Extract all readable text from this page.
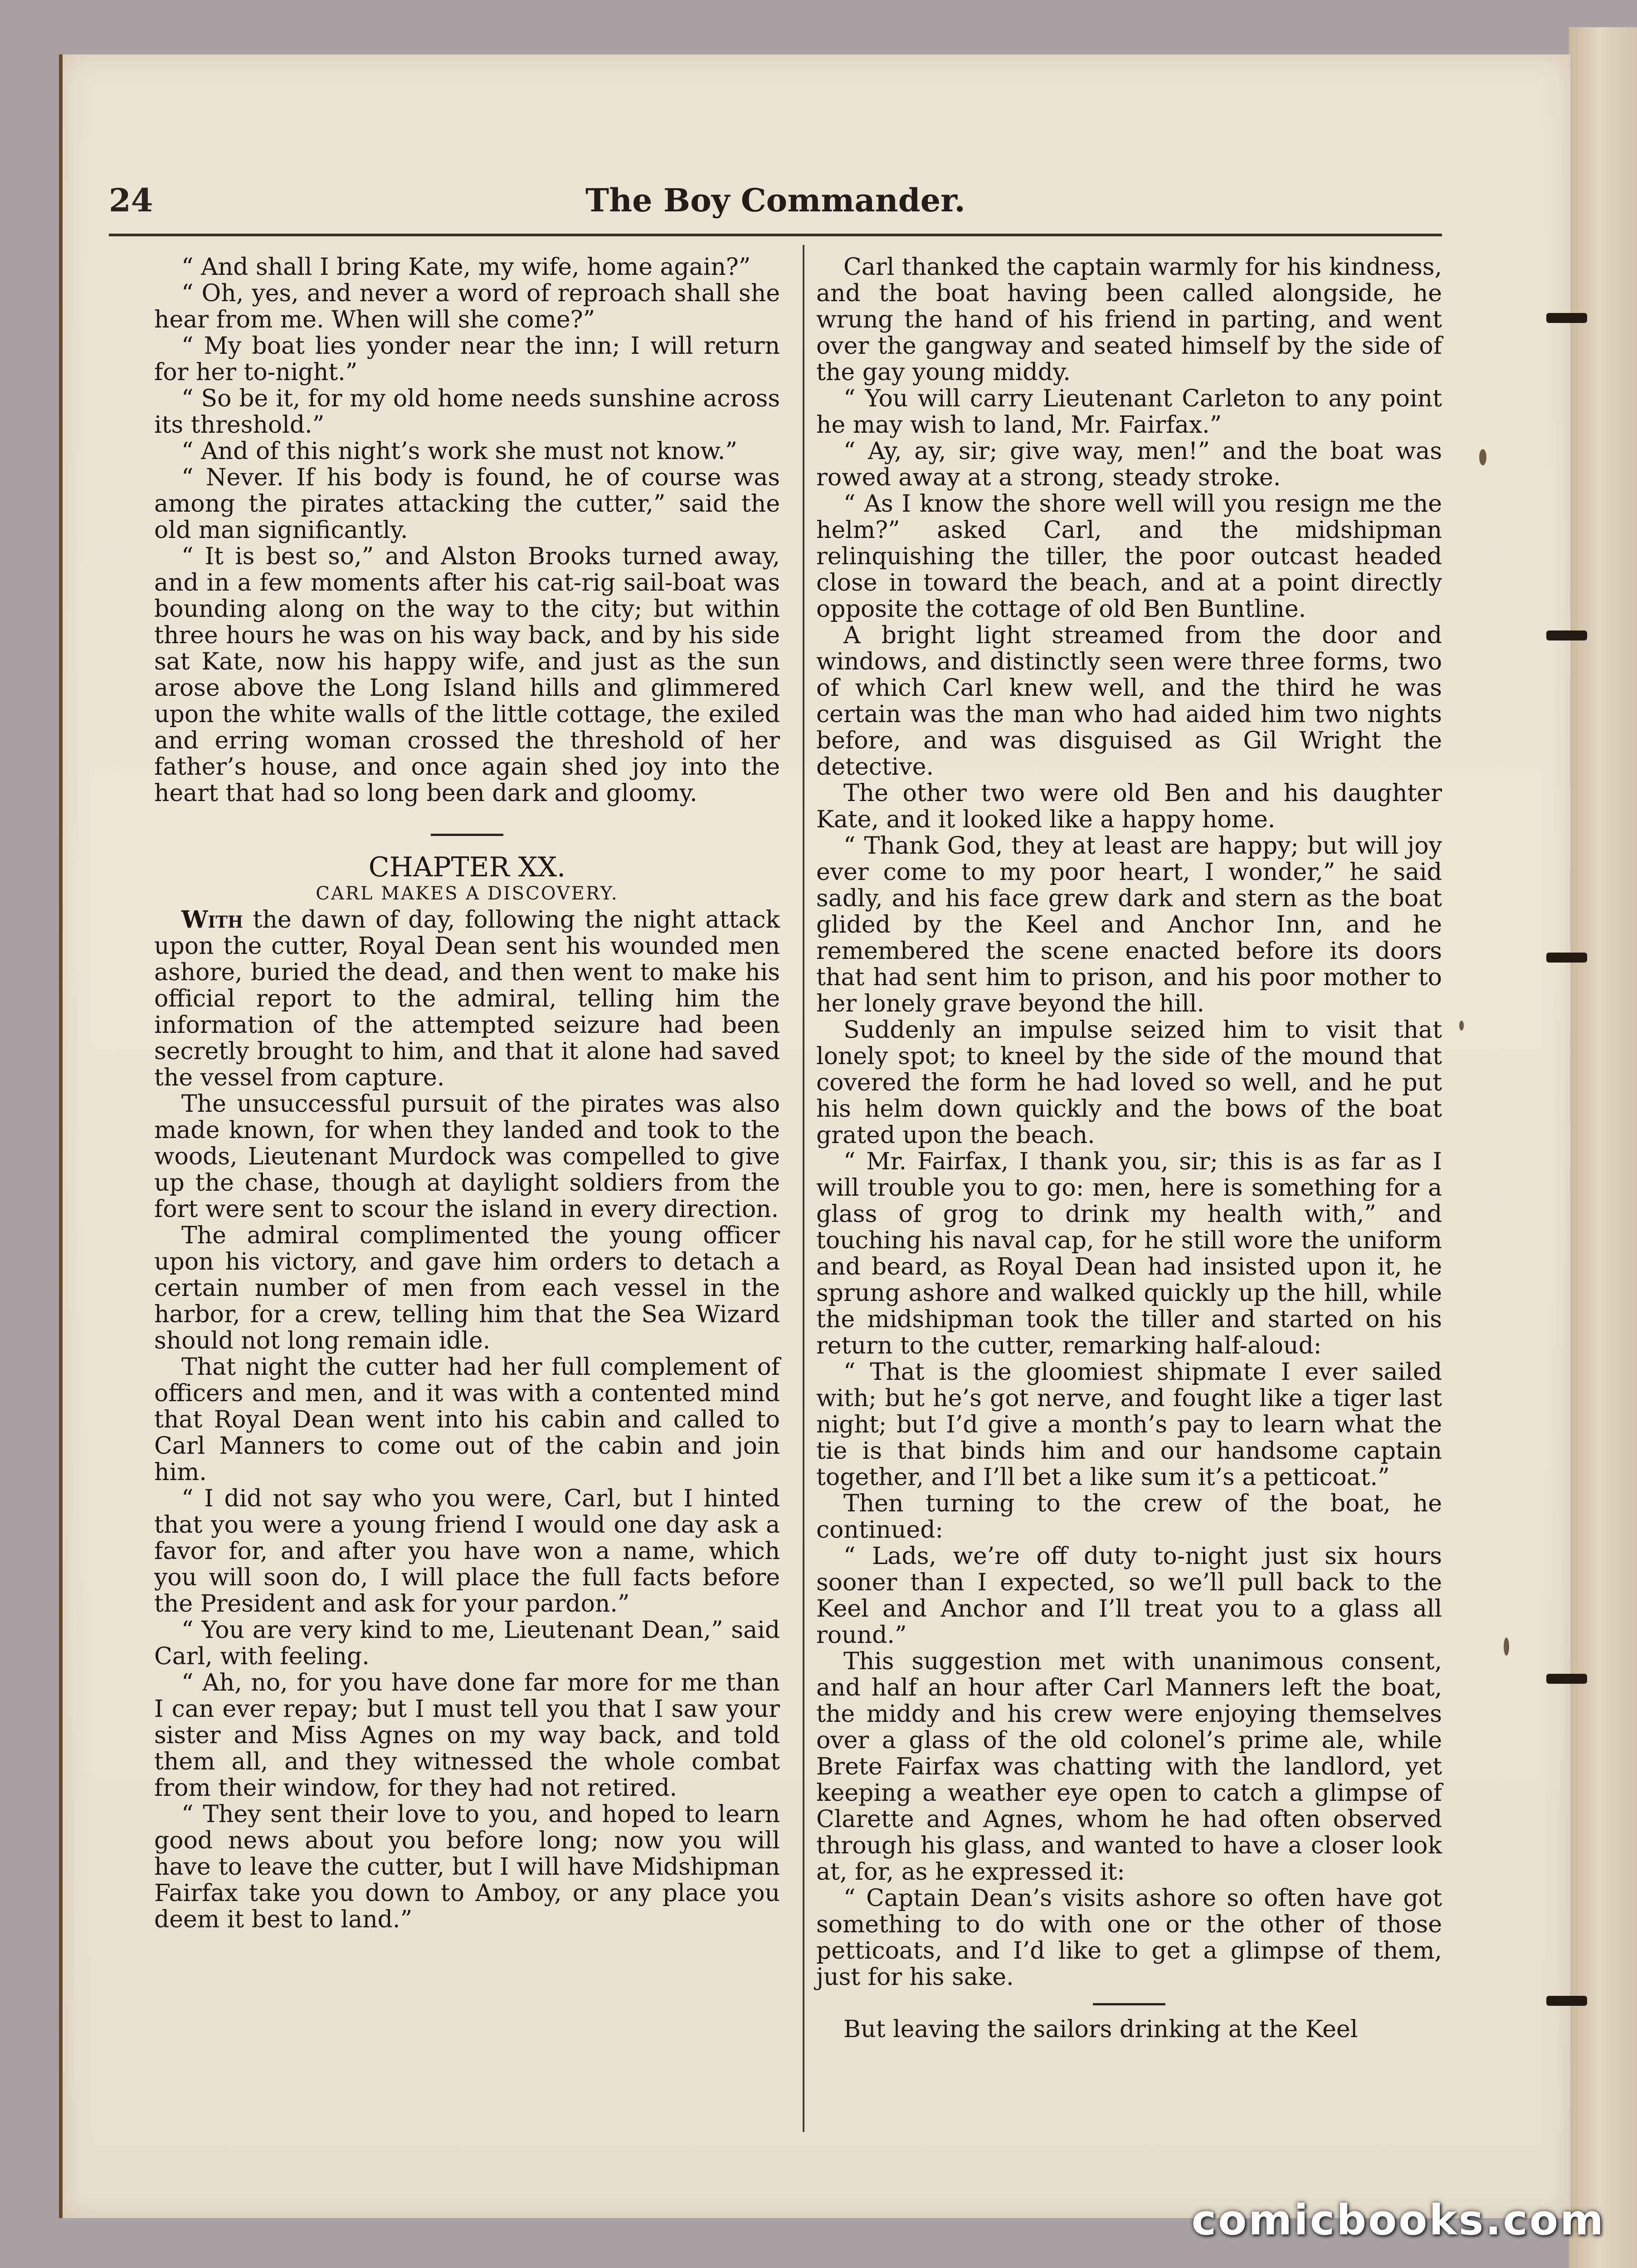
24	The Boy Commander.

“ And shall I bring Kate, my wife, home again?”

“ Oh, yes, and never a word of reproach shall she hear from me. When will she come?”

“ My boat lies yonder near the inn; I will return for her to-night.”

“ So be it, for my old home needs sunshine across its threshold.”

“ And of this night’s work she must not know.”

“ Never. If his body is found, he of course was among the pirates attacking the cutter,” said the old man significantly.

“ It is best so,” and Alston Brooks turned away, and in a few moments after his cat-rig sail-boat was bounding along on the way to the city; but within three hours he was on his way back, and by his side sat Kate, now his happy wife, and just as the sun arose above the Long Island hills and glimmered upon the white walls of the little cottage, the exiled and erring woman crossed the threshold of her father’s house, and once again shed joy into the heart that had so long been dark and gloomy.

CHAPTER XX.

CARL MAKES A DISCOVERY.

With the dawn of day, following the night attack upon the cutter, Royal Dean sent his wounded men ashore, buried the dead, and then went to make his official report to the admiral, telling him the information of the attempted seizure had been secretly brought to him, and that it alone had saved the vessel from capture.

The unsuccessful pursuit of the pirates was also made known, for when they landed and took to the woods, Lieutenant Murdock was compelled to give up the chase, though at daylight soldiers from the fort were sent to scour the island in every direction.

The admiral complimented the young officer upon his victory, and gave him orders to detach a certain number of men from each vessel in the harbor, for a crew, telling him that the Sea Wizard should not long remain idle.

That night the cutter had her full complement of officers and men, and it was with a contented mind that Royal Dean went into his cabin and called to Carl Manners to come out of the cabin and join him.

“ I did not say who you were, Carl, but I hinted that you were a young friend I would one day ask a favor for, and after you have won a name, which you will soon do, I will place the full facts before the President and ask for your pardon.”

“ You are very kind to me, Lieutenant Dean,” said Carl, with feeling.

“ Ah, no, for you have done far more for me than I can ever repay; but I must tell you that I saw your sister and Miss Agnes on my way back, and told them all, and they witnessed the whole combat from their window, for they had not retired.

“ They sent their love to you, and hoped to learn good news about you before long; now you will have to leave the cutter, but I will have Midshipman Fairfax take you down to Amboy, or any place you deem it best to land.”

Carl thanked the captain warmly for his kindness, and the boat having been called alongside, he wrung the hand of his friend in parting, and went over the gangway and seated himself by the side of the gay young middy.

“ You will carry Lieutenant Carleton to any point he may wish to land, Mr. Fairfax.”

“ Ay, ay, sir; give way, men!” and the boat was rowed away at a strong, steady stroke.

“ As I know the shore well will you resign me the helm?” asked Carl, and the midshipman relinquishing the tiller, the poor outcast headed close in toward the beach, and at a point directly opposite the cottage of old Ben Buntline.

A bright light streamed from the door and windows, and distinctly seen were three forms, two of which Carl knew well, and the third he was certain was the man who had aided him two nights before, and was disguised as Gil Wright the detective.

The other two were old Ben and his daughter Kate, and it looked like a happy home.

“ Thank God, they at least are happy; but will joy ever come to my poor heart, I wonder,” he said sadly, and his face grew dark and stern as the boat glided by the Keel and Anchor Inn, and he remembered the scene enacted before its doors that had sent him to prison, and his poor mother to her lonely grave beyond the hill.

Suddenly an impulse seized him to visit that lonely spot; to kneel by the side of the mound that covered the form he had loved so well, and he put his helm down quickly and the bows of the boat grated upon the beach.

“ Mr. Fairfax, I thank you, sir; this is as far as I will trouble you to go: men, here is something for a glass of grog to drink my health with,” and touching his naval cap, for he still wore the uniform and beard, as Royal Dean had insisted upon it, he sprung ashore and walked quickly up the hill, while the midshipman took the tiller and started on his return to the cutter, remarking half-aloud:

“ That is the gloomiest shipmate I ever sailed with; but he’s got nerve, and fought like a tiger last night; but I’d give a month’s pay to learn what the tie is that binds him and our handsome captain together, and I’ll bet a like sum it’s a petticoat.”

Then turning to the crew of the boat, he continued:

“ Lads, we’re off duty to-night just six hours sooner than I expected, so we’ll pull back to the Keel and Anchor and I’ll treat you to a glass all round.”

This suggestion met with unanimous consent, and half an hour after Carl Manners left the boat, the middy and his crew were enjoying themselves over a glass of the old colonel’s prime ale, while Brete Fairfax was chatting with the landlord, yet keeping a weather eye open to catch a glimpse of Clarette and Agnes, whom he had often observed through his glass, and wanted to have a closer look at, for, as he expressed it:

“ Captain Dean’s visits ashore so often have got something to do with one or the other of those petticoats, and I’d like to get a glimpse of them, just for his sake.

But leaving the sailors drinking at the Keel

comicbooks.com
